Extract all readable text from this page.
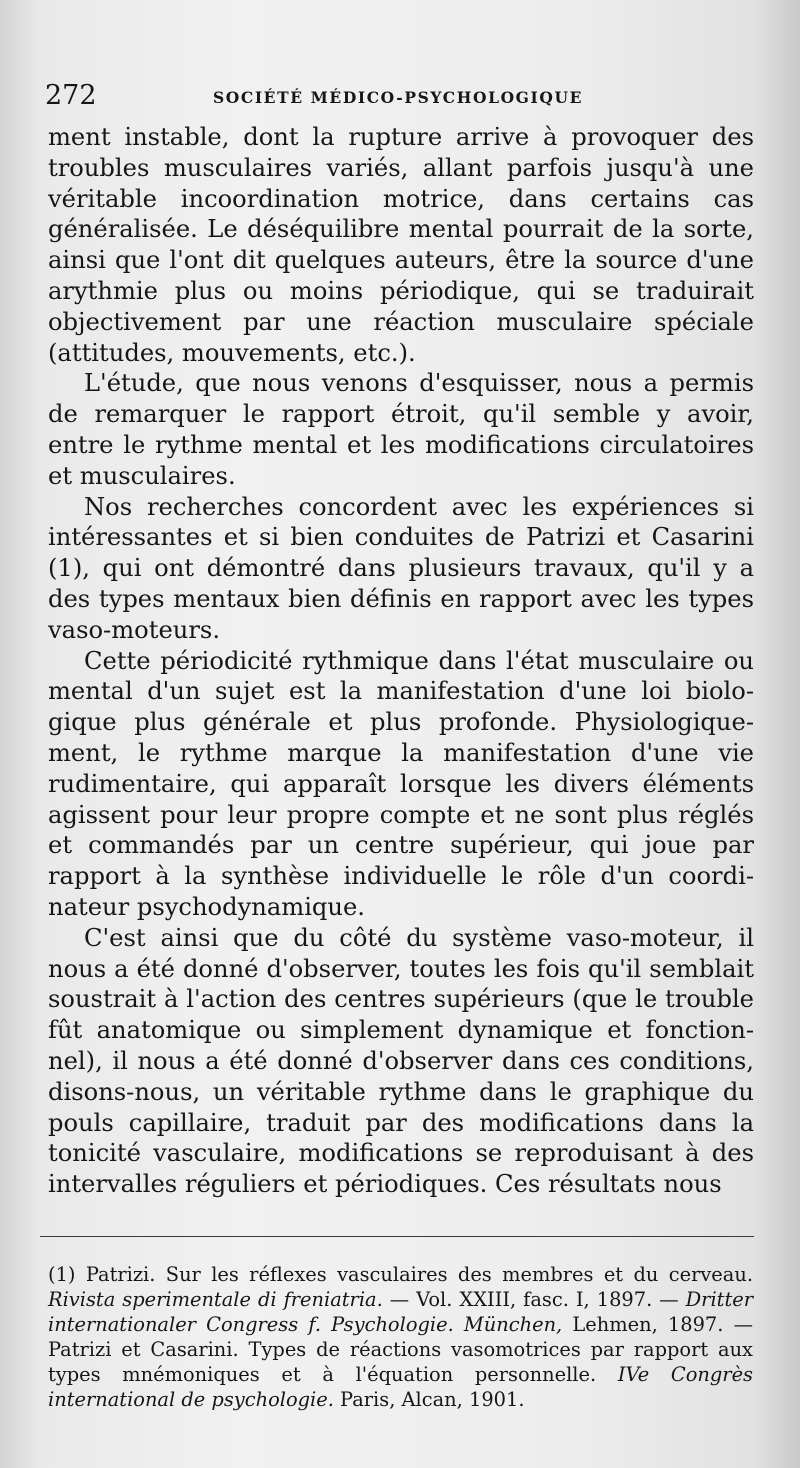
272	SOCIÉTÉ MÉDICO-PSYCHOLOGIQUE

ment instable, dont la rupture arrive à provoquer des troubles musculaires variés, allant parfois jusqu'à une véritable incoordination motrice, dans certains cas généralisée. Le déséquilibre mental pourrait de la sorte, ainsi que l'ont dit quelques auteurs, être la source d'une arythmie plus ou moins périodique, qui se traduirait objectivement par une réaction musculaire spéciale (attitudes, mouvements, etc.).

L'étude, que nous venons d'esquisser, nous a permis de remarquer le rapport étroit, qu'il semble y avoir, entre le rythme mental et les modifications circulatoires et musculaires.

Nos recherches concordent avec les expériences si intéressantes et si bien conduites de Patrizi et Casarini (1), qui ont démontré dans plusieurs travaux, qu'il y a des types mentaux bien définis en rapport avec les types vaso-moteurs.

Cette périodicité rythmique dans l'état musculaire ou mental d'un sujet est la manifestation d'une loi biologique plus générale et plus profonde. Physiologiquement, le rythme marque la manifestation d'une vie rudimentaire, qui apparaît lorsque les divers éléments agissent pour leur propre compte et ne sont plus réglés et commandés par un centre supérieur, qui joue par rapport à la synthèse individuelle le rôle d'un coordinateur psychodynamique.

C'est ainsi que du côté du système vaso-moteur, il nous a été donné d'observer, toutes les fois qu'il semblait soustrait à l'action des centres supérieurs (que le trouble fût anatomique ou simplement dynamique et fonctionnel), il nous a été donné d'observer dans ces conditions, disons-nous, un véritable rythme dans le graphique du pouls capillaire, traduit par des modifications dans la tonicité vasculaire, modifications se reproduisant à des intervalles réguliers et périodiques. Ces résultats nous

(1) Patrizi. Sur les réflexes vasculaires des membres et du cerveau. Rivista sperimentale di freniatria. — Vol. XXIII, fasc. I, 1897. — Dritter internationaler Congress f. Psychologie. München, Lehmen, 1897. — Patrizi et Casarini. Types de réactions vasomotrices par rapport aux types mnémoniques et à l'équation personnelle. IVe Congrès international de psychologie. Paris, Alcan, 1901.
